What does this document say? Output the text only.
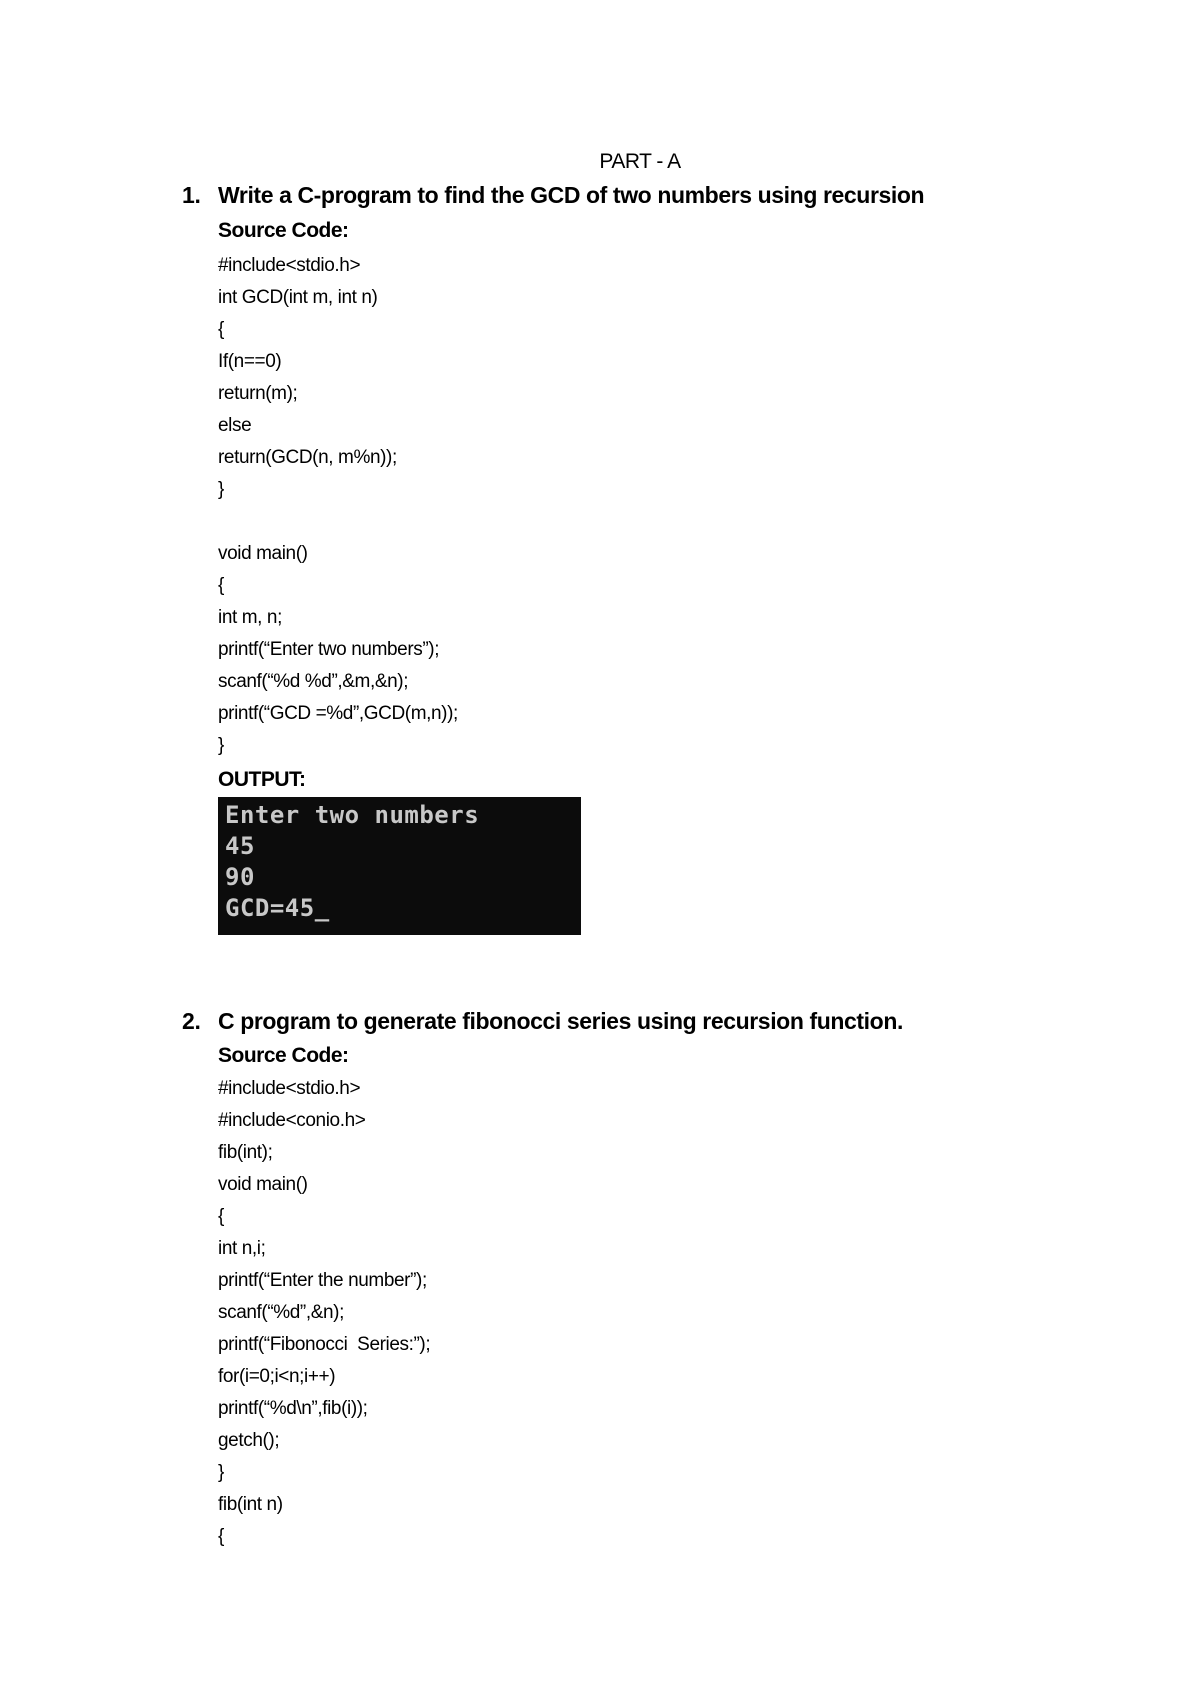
PART - A
1. Write a C-program to find the GCD of two numbers using recursion
Source Code:
#include<stdio.h>
int GCD(int m, int n)
{
If(n==0)
return(m);
else
return(GCD(n, m%n));
}
void main()
{
int m, n;
printf(“Enter two numbers”);
scanf(“%d %d”,&m,&n);
printf(“GCD =%d”,GCD(m,n));
}
OUTPUT:
Enter two numbers
45
90
GCD=45_
2. C program to generate fibonocci series using recursion function.
Source Code:
#include<stdio.h>
#include<conio.h>
fib(int);
void main()
{
int n,i;
printf(“Enter the number”);
scanf(“%d”,&n);
printf(“Fibonocci  Series:”);
for(i=0;i<n;i++)
printf(“%d\n”,fib(i));
getch();
}
fib(int n)
{
